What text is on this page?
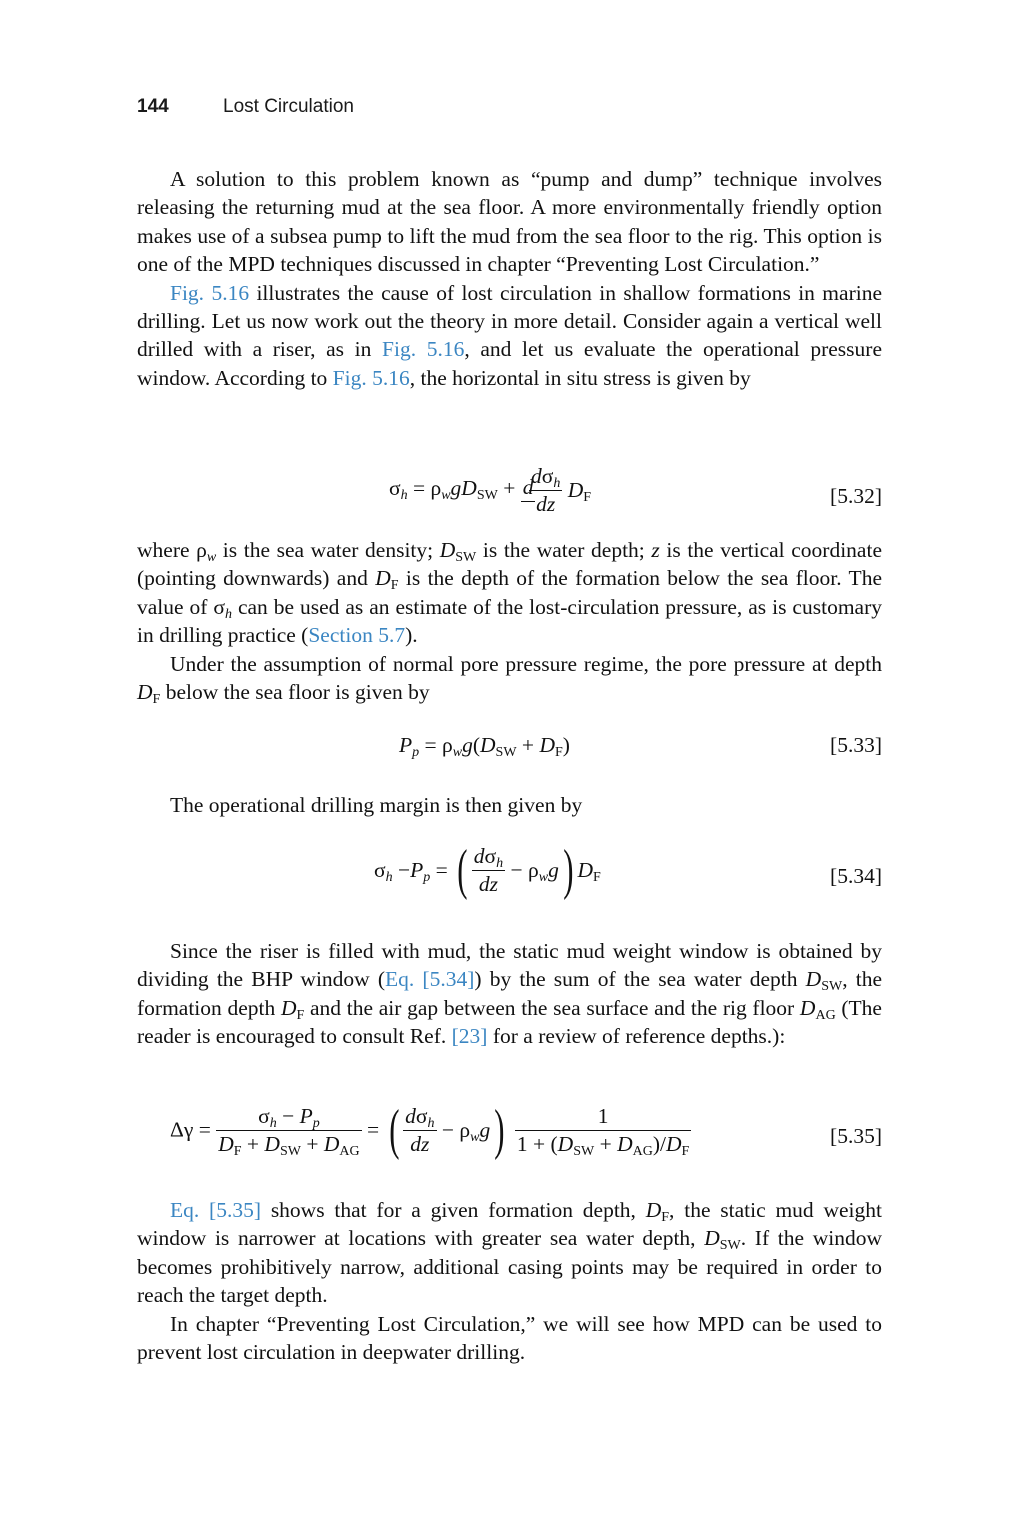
144	Lost Circulation

A solution to this problem known as “pump and dump” technique involves releasing the returning mud at the sea floor. A more environmentally friendly option makes use of a subsea pump to lift the mud from the sea floor to the rig. This option is one of the MPD techniques discussed in chapter “Preventing Lost Circulation.”

Fig. 5.16 illustrates the cause of lost circulation in shallow formations in marine drilling. Let us now work out the theory in more detail. Consider again a vertical well drilled with a riser, as in Fig. 5.16, and let us evaluate the operational pressure window. According to Fig. 5.16, the horizontal in situ stress is given by

$\sigma_h = \rho_wgD_{SW} + d$
$\frac{d\sigma_h}{dz} D_F$	[5.32]

where $\rho_w$ is the sea water density; $D_{SW}$ is the water depth; z is the vertical coordinate (pointing downwards) and $D_F$ is the depth of the formation below the sea floor. The value of $\sigma_h$ can be used as an estimate of the lost-circulation pressure, as is customary in drilling practice (Section 5.7).

Under the assumption of normal pore pressure regime, the pore pressure at depth $D_F$ below the sea floor is given by

$P_p = \rho_wg(D_{SW} + D_F)$	[5.33]

The operational drilling margin is then given by

$\sigma_h -P_p$ = ( $\frac{d\sigma_h}{dz} - \rho_wg$) $D_F$	[5.34]

Since the riser is filled with mud, the static mud weight window is obtained by dividing the BHP window (Eq. [5.34]) by the sum of the sea water depth $D_{SW}$, the formation depth $D_F$ and the air gap between the sea surface and the rig floor $D_{AG}$ (The reader is encouraged to consult Ref. [23] for a review of reference depths.):

$\Delta\gamma = \frac{\sigma_h - P_p}{D_F + D_{SW} + D_{AG}}$ = ( $\frac{d\sigma_h}{dz} - \rho_wg) \frac{1}{1 + (D_{SW} + D_{AG})/D_F}$	[5.35]

Eq. [5.35] shows that for a given formation depth, $D_F$, the static mud weight window is narrower at locations with greater sea water depth, $D_{SW}$. If the window becomes prohibitively narrow, additional casing points may be required in order to reach the target depth.

In chapter “Preventing Lost Circulation,” we will see how MPD can be used to prevent lost circulation in deepwater drilling.
